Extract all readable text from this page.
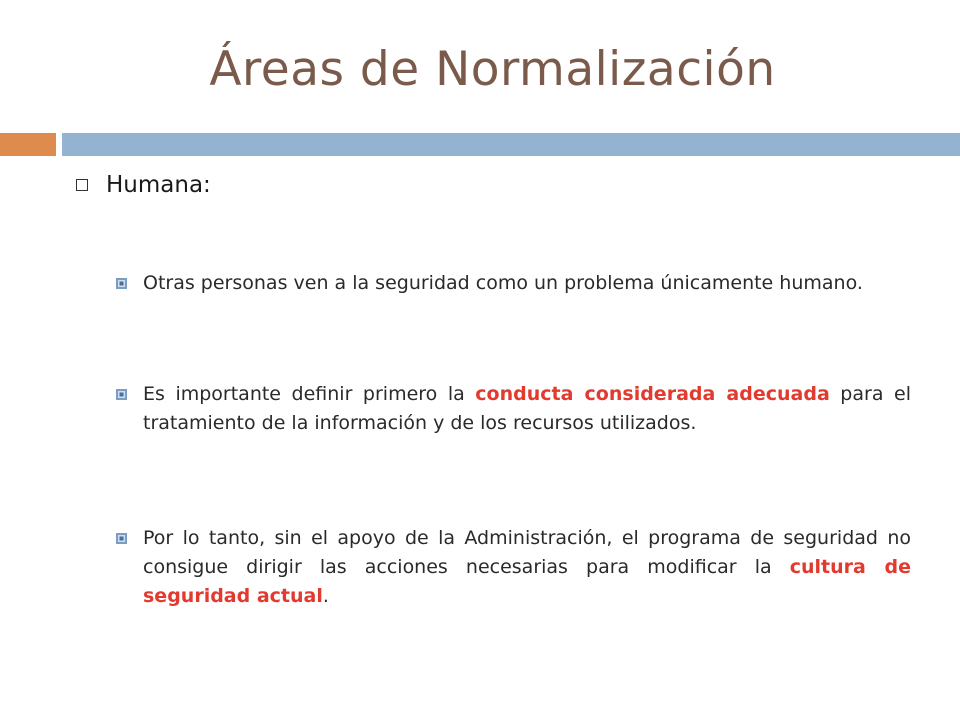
Áreas de Normalización
Humana:
Otras personas ven a la seguridad como un problema únicamente humano.
Es importante definir primero la conducta considerada adecuada para el tratamiento de la información y de los recursos utilizados.
Por lo tanto, sin el apoyo de la Administración, el programa de seguridad no consigue dirigir las acciones necesarias para modificar la cultura de seguridad actual.
